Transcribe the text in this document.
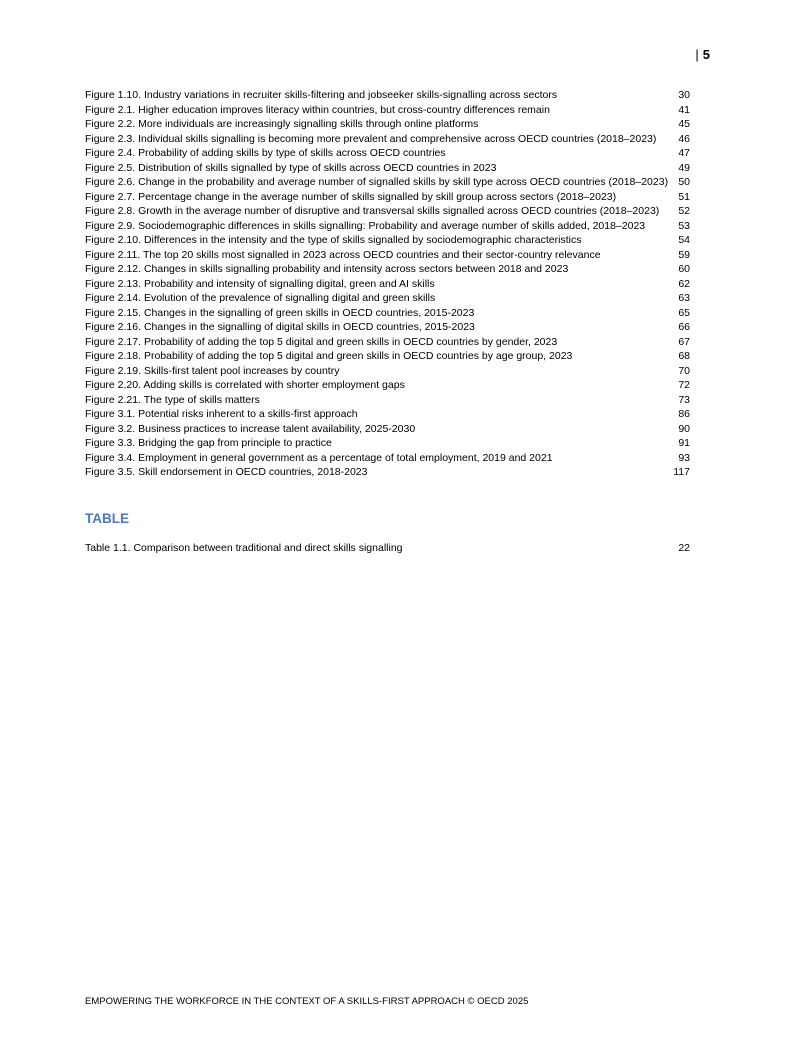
| 5
Figure 1.10. Industry variations in recruiter skills-filtering and jobseeker skills-signalling across sectors	30
Figure 2.1. Higher education improves literacy within countries, but cross-country differences remain	41
Figure 2.2. More individuals are increasingly signalling skills through online platforms	45
Figure 2.3. Individual skills signalling is becoming more prevalent and comprehensive across OECD countries (2018–2023)	46
Figure 2.4. Probability of adding skills by type of skills across OECD countries	47
Figure 2.5. Distribution of skills signalled by type of skills across OECD countries in 2023	49
Figure 2.6. Change in the probability and average number of signalled skills by skill type across OECD countries (2018–2023) 50
Figure 2.7. Percentage change in the average number of skills signalled by skill group across sectors (2018–2023)	51
Figure 2.8. Growth in the average number of disruptive and transversal skills signalled across OECD countries (2018–2023)	52
Figure 2.9. Sociodemographic differences in skills signalling: Probability and average number of skills added, 2018–2023	53
Figure 2.10. Differences in the intensity and the type of skills signalled by sociodemographic characteristics	54
Figure 2.11. The top 20 skills most signalled in 2023 across OECD countries and their sector-country relevance	59
Figure 2.12. Changes in skills signalling probability and intensity across sectors between 2018 and 2023	60
Figure 2.13. Probability and intensity of signalling digital, green and AI skills	62
Figure 2.14. Evolution of the prevalence of signalling digital and green skills	63
Figure 2.15. Changes in the signalling of green skills in OECD countries, 2015-2023	65
Figure 2.16. Changes in the signalling of digital skills in OECD countries, 2015-2023	66
Figure 2.17. Probability of adding the top 5 digital and green skills in OECD countries by gender, 2023	67
Figure 2.18. Probability of adding the top 5 digital and green skills in OECD countries by age group, 2023	68
Figure 2.19. Skills-first talent pool increases by country	70
Figure 2.20. Adding skills is correlated with shorter employment gaps	72
Figure 2.21. The type of skills matters	73
Figure 3.1. Potential risks inherent to a skills-first approach	86
Figure 3.2. Business practices to increase talent availability, 2025-2030	90
Figure 3.3. Bridging the gap from principle to practice	91
Figure 3.4. Employment in general government as a percentage of total employment, 2019 and 2021	93
Figure 3.5. Skill endorsement in OECD countries, 2018-2023	117
TABLE
Table 1.1. Comparison between traditional and direct skills signalling	22
EMPOWERING THE WORKFORCE IN THE CONTEXT OF A SKILLS-FIRST APPROACH © OECD 2025
